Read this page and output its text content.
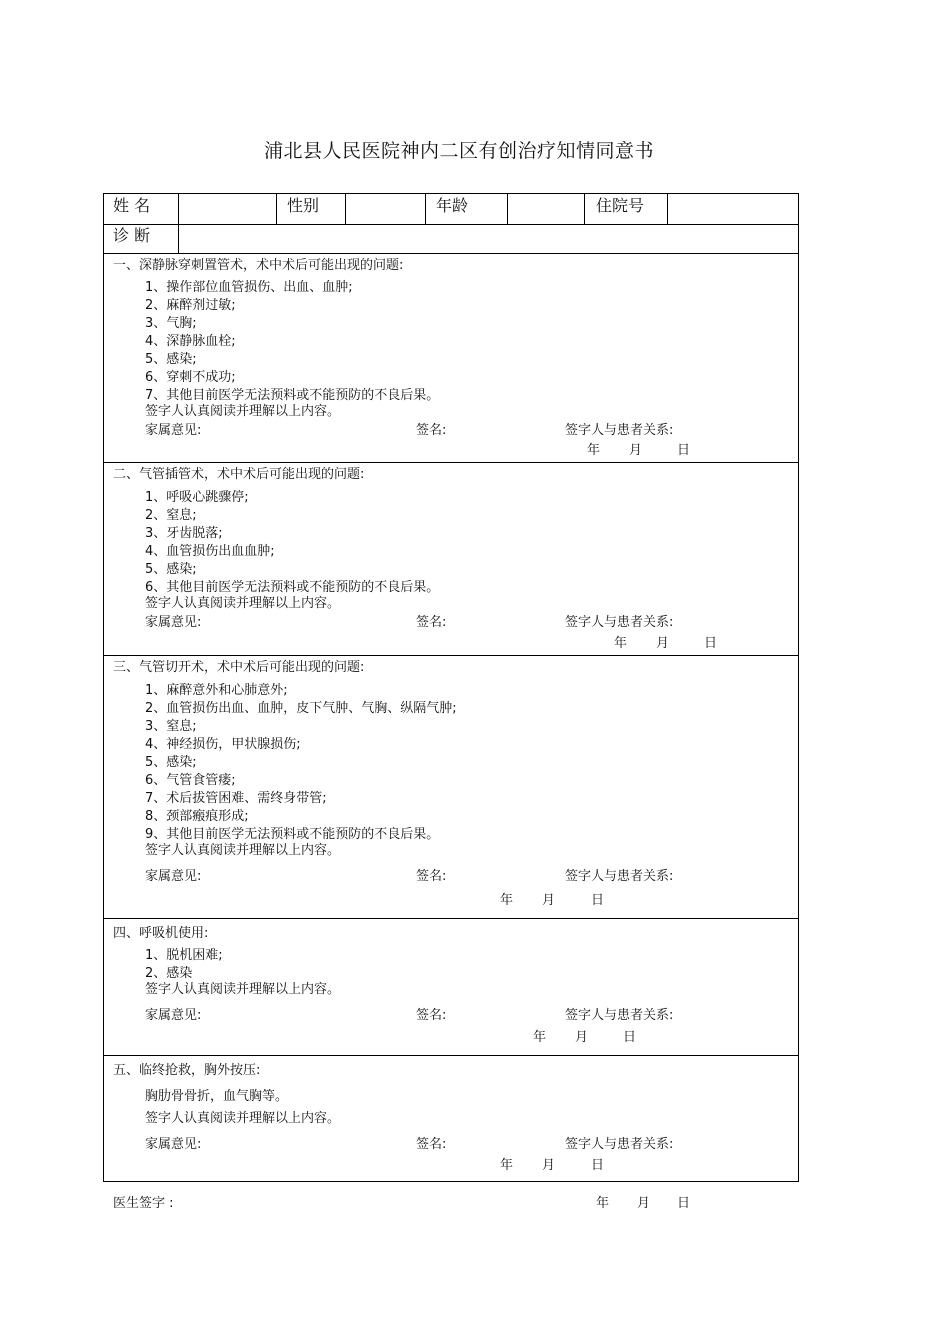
浦北县人民医院神内二区有创治疗知情同意书
姓 名	性别	年龄	住院号
诊 断
一、深静脉穿刺置管术，术中术后可能出现的问题:
1、操作部位血管损伤、出血、血肿;
2、麻醉剂过敏;
3、气胸;
4、深静脉血栓;
5、感染;
6、穿刺不成功;
7、其他目前医学无法预料或不能预防的不良后果。
签字人认真阅读并理解以上内容。
家属意见:	签名:	签字人与患者关系:
年 月	日
二、气管插管术，术中术后可能出现的问题:
1、呼吸心跳骤停;
2、窒息;
3、牙齿脱落;
4、血管损伤出血血肿;
5、感染;
6、其他目前医学无法预料或不能预防的不良后果。
签字人认真阅读并理解以上内容。
家属意见:	签名:	签字人与患者关系:
年 月	日
三、气管切开术，术中术后可能出现的问题:
1、麻醉意外和心肺意外;
2、血管损伤出血、血肿，皮下气肿、气胸、纵隔气肿;
3、窒息;
4、神经损伤，甲状腺损伤;
5、感染;
6、气管食管瘘;
7、术后拔管困难、需终身带管;
8、颈部瘢痕形成;
9、其他目前医学无法预料或不能预防的不良后果。
签字人认真阅读并理解以上内容。
家属意见:	签名:	签字人与患者关系:
年 月	日
四、呼吸机使用:
1、脱机困难;
2、感染
签字人认真阅读并理解以上内容。
家属意见:	签名:	签字人与患者关系:
年 月	日
五、临终抢救，胸外按压:
胸肋骨骨折，血气胸等。
签字人认真阅读并理解以上内容。
家属意见:	签名:	签字人与患者关系:
年 月	日
医生签字 :	年 月 日
